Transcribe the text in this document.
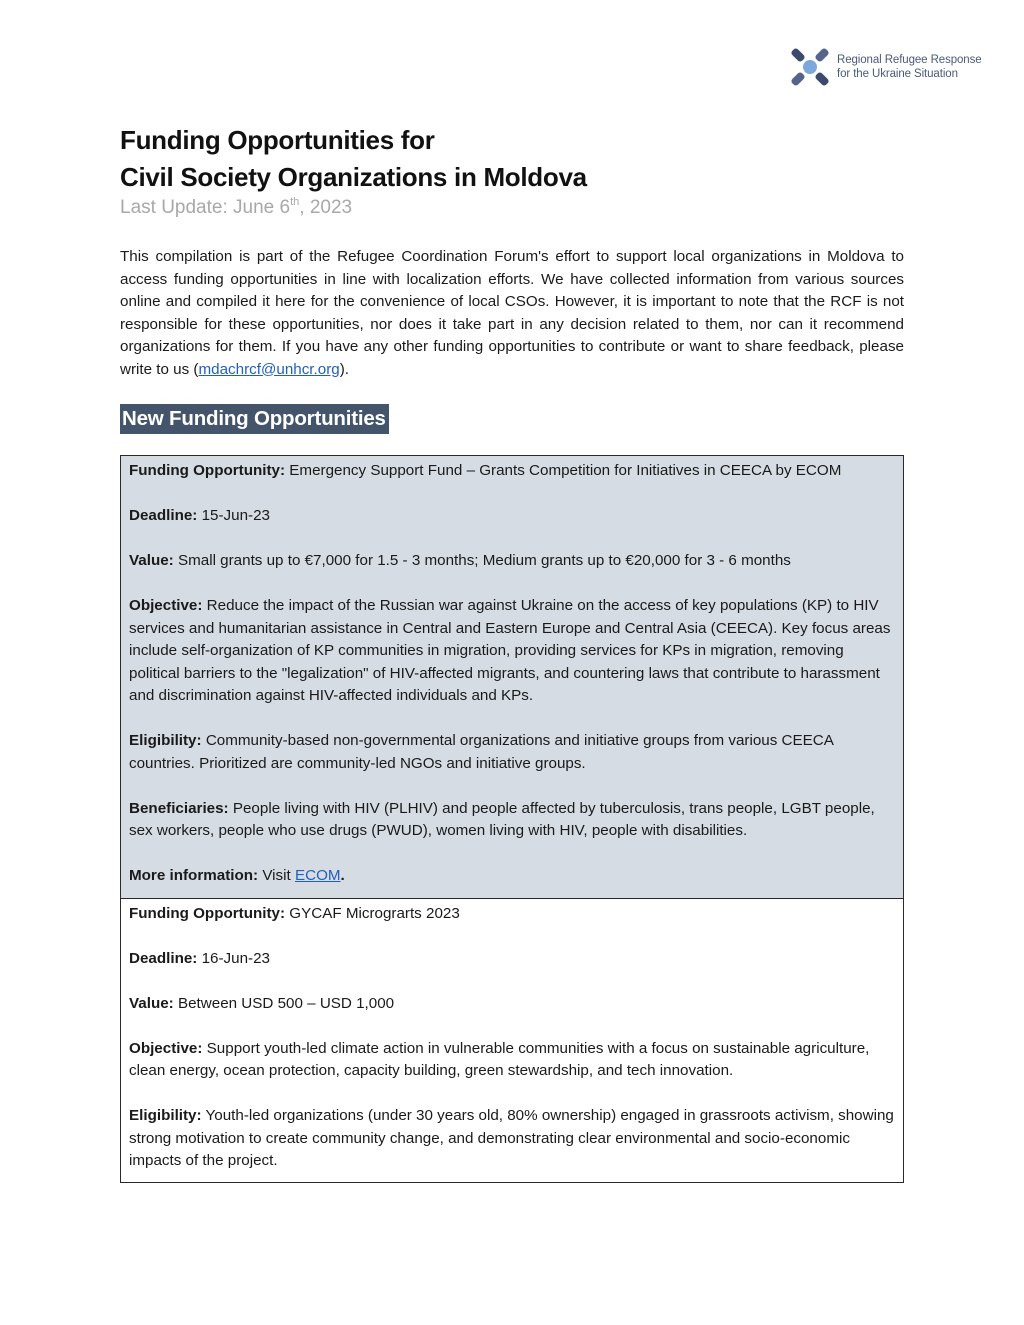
Regional Refugee Response
for the Ukraine Situation
Funding Opportunities for
Civil Society Organizations in Moldova
Last Update: June 6th, 2023

This compilation is part of the Refugee Coordination Forum's effort to support local organizations in Moldova to access funding opportunities in line with localization efforts. We have collected information from various sources online and compiled it here for the convenience of local CSOs. However, it is important to note that the RCF is not responsible for these opportunities, nor does it take part in any decision related to them, nor can it recommend organizations for them. If you have any other funding opportunities to contribute or want to share feedback, please write to us (mdachrcf@unhcr.org).

New Funding Opportunities

Funding Opportunity: Emergency Support Fund – Grants Competition for Initiatives in CEECA by ECOM

Deadline: 15-Jun-23

Value: Small grants up to €7,000 for 1.5 - 3 months; Medium grants up to €20,000 for 3 - 6 months

Objective: Reduce the impact of the Russian war against Ukraine on the access of key populations (KP) to HIV services and humanitarian assistance in Central and Eastern Europe and Central Asia (CEECA). Key focus areas include self-organization of KP communities in migration, providing services for KPs in migration, removing political barriers to the "legalization" of HIV-affected migrants, and countering laws that contribute to harassment and discrimination against HIV-affected individuals and KPs.

Eligibility: Community-based non-governmental organizations and initiative groups from various CEECA countries. Prioritized are community-led NGOs and initiative groups.

Beneficiaries: People living with HIV (PLHIV) and people affected by tuberculosis, trans people, LGBT people, sex workers, people who use drugs (PWUD), women living with HIV, people with disabilities.

More information: Visit ECOM.

Funding Opportunity: GYCAF Micrograrts 2023

Deadline: 16-Jun-23

Value: Between USD 500 – USD 1,000

Objective: Support youth-led climate action in vulnerable communities with a focus on sustainable agriculture, clean energy, ocean protection, capacity building, green stewardship, and tech innovation.

Eligibility: Youth-led organizations (under 30 years old, 80% ownership) engaged in grassroots activism, showing strong motivation to create community change, and demonstrating clear environmental and socio-economic impacts of the project.
